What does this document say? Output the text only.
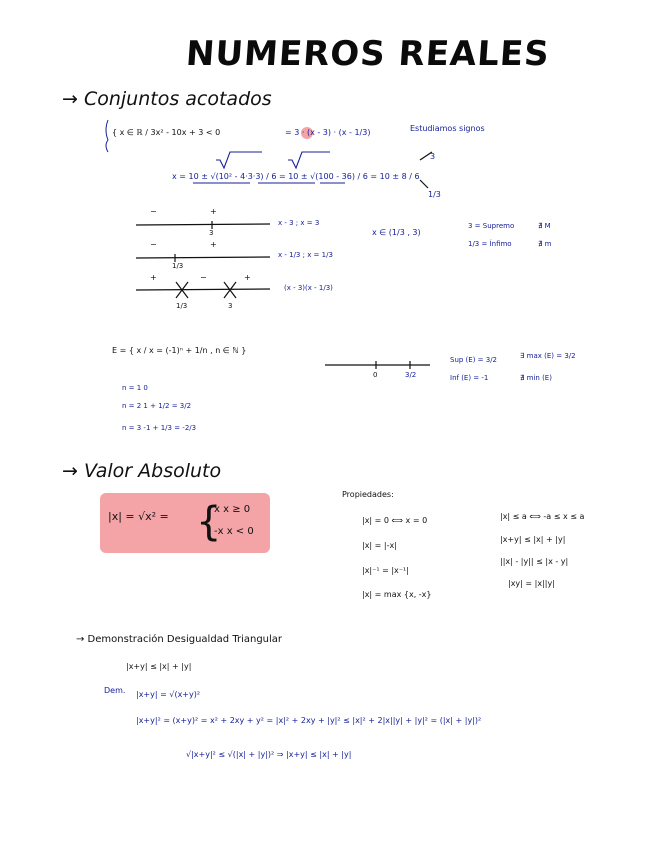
NUMEROS REALES
→ Conjuntos acotados
{ x ∈ ℝ / 3x² - 10x + 3 < 0	= 3 · (x - 3) · (x - 1/3)	Estudiamos signos
x = 10 ± √(10² - 4·3·3) / 6 = 10 ± √(100 - 36) / 6 = 10 ± 8 / 6
3
1/3
−	+
3
x - 3 ; x = 3
−	+
1/3
x - 1/3 ; x = 1/3
+	−	+
1/3	3
(x - 3)(x - 1/3)
x ∈ (1/3 , 3)
3 = Supremo	∄ M
1/3 = Ínfimo	∄ m
E = { x / x = (-1)ⁿ + 1/n , n ∈ ℕ }
n = 1 0
n = 2 1 + 1/2 = 3/2
n = 3 -1 + 1/3 = -2/3
0	3/2
Sup (E) = 3/2	∃ max (E) = 3/2
Inf (E) = -1	∄ min (E)
→ Valor Absoluto
|x| = √x² = {
x x ≥ 0
-x x < 0
Propiedades:
|x| = 0 ⟺ x = 0
|x| = |-x|
|x|⁻¹ = |x⁻¹|
|x| = max {x, -x}
|x| ≤ a ⟺ -a ≤ x ≤ a
|x+y| ≤ |x| + |y|
||x| - |y|| ≤ |x - y|
|xy| = |x||y|
→ Demonstración Desigualdad Triangular
|x+y| ≤ |x| + |y|
Dem. |x+y| = √(x+y)²
|x+y|² = (x+y)² = x² + 2xy + y² = |x|² + 2xy + |y|² ≤ |x|² + 2|x||y| + |y|² = (|x| + |y|)²
√|x+y|² ≤ √(|x| + |y|)² ⇒ |x+y| ≤ |x| + |y|
